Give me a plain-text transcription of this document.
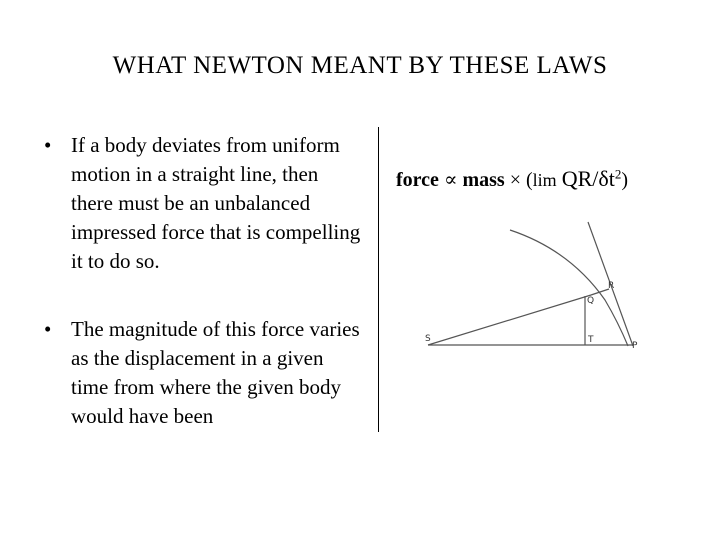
WHAT NEWTON MEANT BY THESE LAWS
• If a body deviates from uniform motion in a straight line, then there must be an unbalanced impressed force that is compelling it to do so.
• The magnitude of this force varies as the displacement in a given time from where the given body would have been
force ∝ mass × (lim $QR/\delta t^2$)
S
Q
R
T
P
